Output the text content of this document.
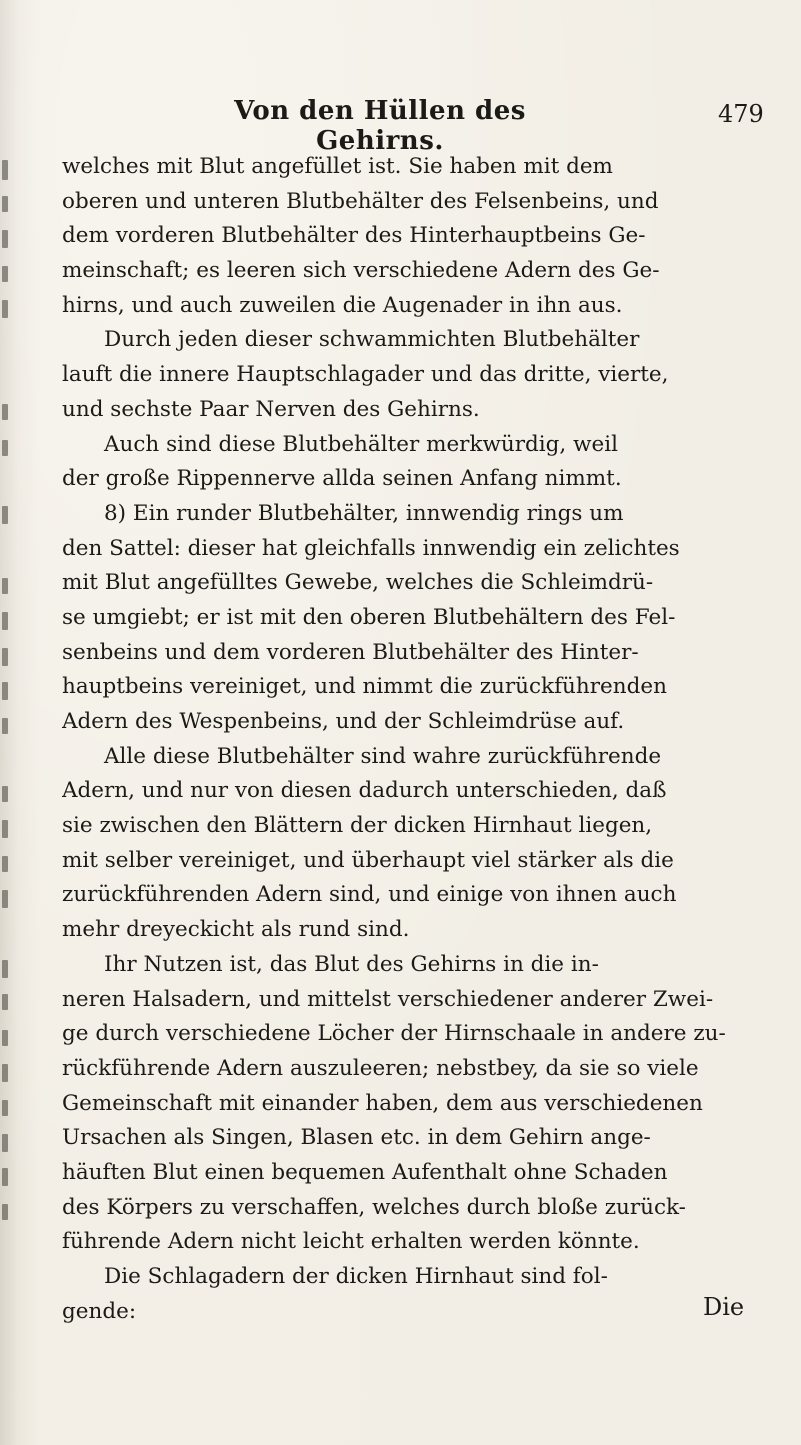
Von den Hüllen des Gehirns.
479
welches mit Blut angefüllet ist. Sie haben mit dem
oberen und unteren Blutbehälter des Felsenbeins, und
dem vorderen Blutbehälter des Hinterhauptbeins Ge-
meinschaft; es leeren sich verschiedene Adern des Ge-
hirns, und auch zuweilen die Augenader in ihn aus.
Durch jeden dieser schwammichten Blutbehälter
lauft die innere Hauptschlagader und das dritte, vierte,
und sechste Paar Nerven des Gehirns.
Auch sind diese Blutbehälter merkwürdig, weil
der große Rippennerve allda seinen Anfang nimmt.
8) Ein runder Blutbehälter, innwendig rings um
den Sattel: dieser hat gleichfalls innwendig ein zelichtes
mit Blut angefülltes Gewebe, welches die Schleimdrü-
se umgiebt; er ist mit den oberen Blutbehältern des Fel-
senbeins und dem vorderen Blutbehälter des Hinter-
hauptbeins vereiniget, und nimmt die zurückführenden
Adern des Wespenbeins, und der Schleimdrüse auf.
Alle diese Blutbehälter sind wahre zurückführende
Adern, und nur von diesen dadurch unterschieden, daß
sie zwischen den Blättern der dicken Hirnhaut liegen,
mit selber vereiniget, und überhaupt viel stärker als die
zurückführenden Adern sind, und einige von ihnen auch
mehr dreyeckicht als rund sind.
Ihr Nutzen ist, das Blut des Gehirns in die in-
neren Halsadern, und mittelst verschiedener anderer Zwei-
ge durch verschiedene Löcher der Hirnschaale in andere zu-
rückführende Adern auszuleeren; nebstbey, da sie so viele
Gemeinschaft mit einander haben, dem aus verschiedenen
Ursachen als Singen, Blasen etc. in dem Gehirn ange-
häuften Blut einen bequemen Aufenthalt ohne Schaden
des Körpers zu verschaffen, welches durch bloße zurück-
führende Adern nicht leicht erhalten werden könnte.
Die Schlagadern der dicken Hirnhaut sind fol-
gende:	Die
